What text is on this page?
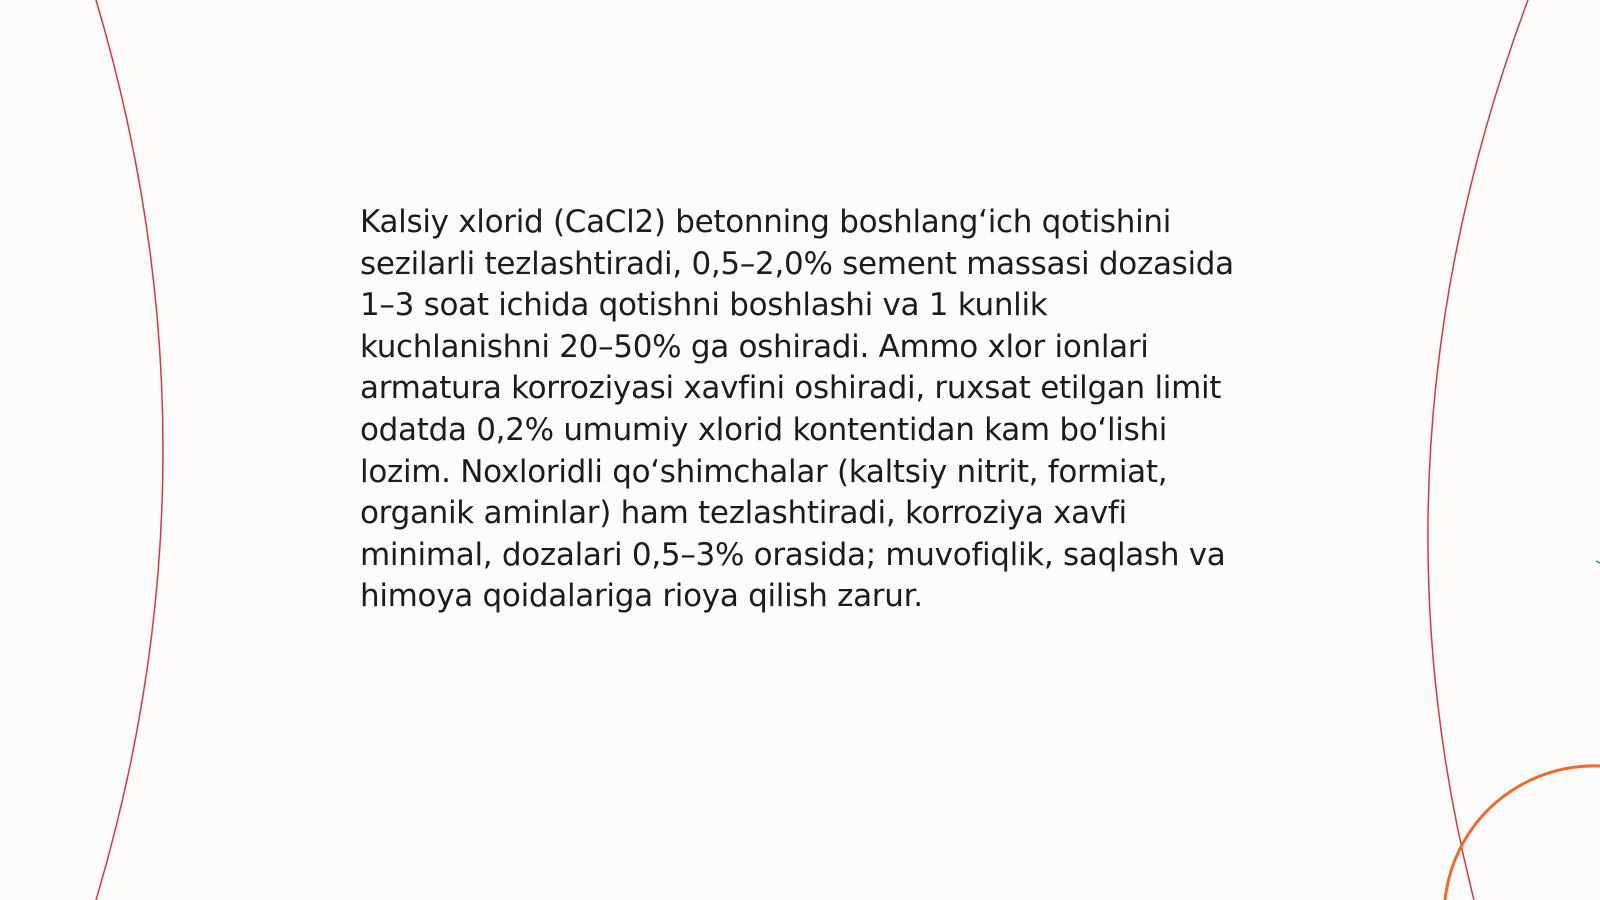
Kalsiy xlorid (CaCl2) betonning boshlang‘ich qotishini sezilarli tezlashtiradi, 0,5–2,0% sement massasi dozasida 1–3 soat ichida qotishni boshlashi va 1 kunlik kuchlanishni 20–50% ga oshiradi. Ammo xlor ionlari armatura korroziyasi xavfini oshiradi, ruxsat etilgan limit odatda 0,2% umumiy xlorid kontentidan kam bo‘lishi lozim. Noxloridli qo‘shimchalar (kaltsiy nitrit, formiat, organik aminlar) ham tezlashtiradi, korroziya xavfi minimal, dozalari 0,5–3% orasida; muvofiqlik, saqlash va himoya qoidalariga rioya qilish zarur.
